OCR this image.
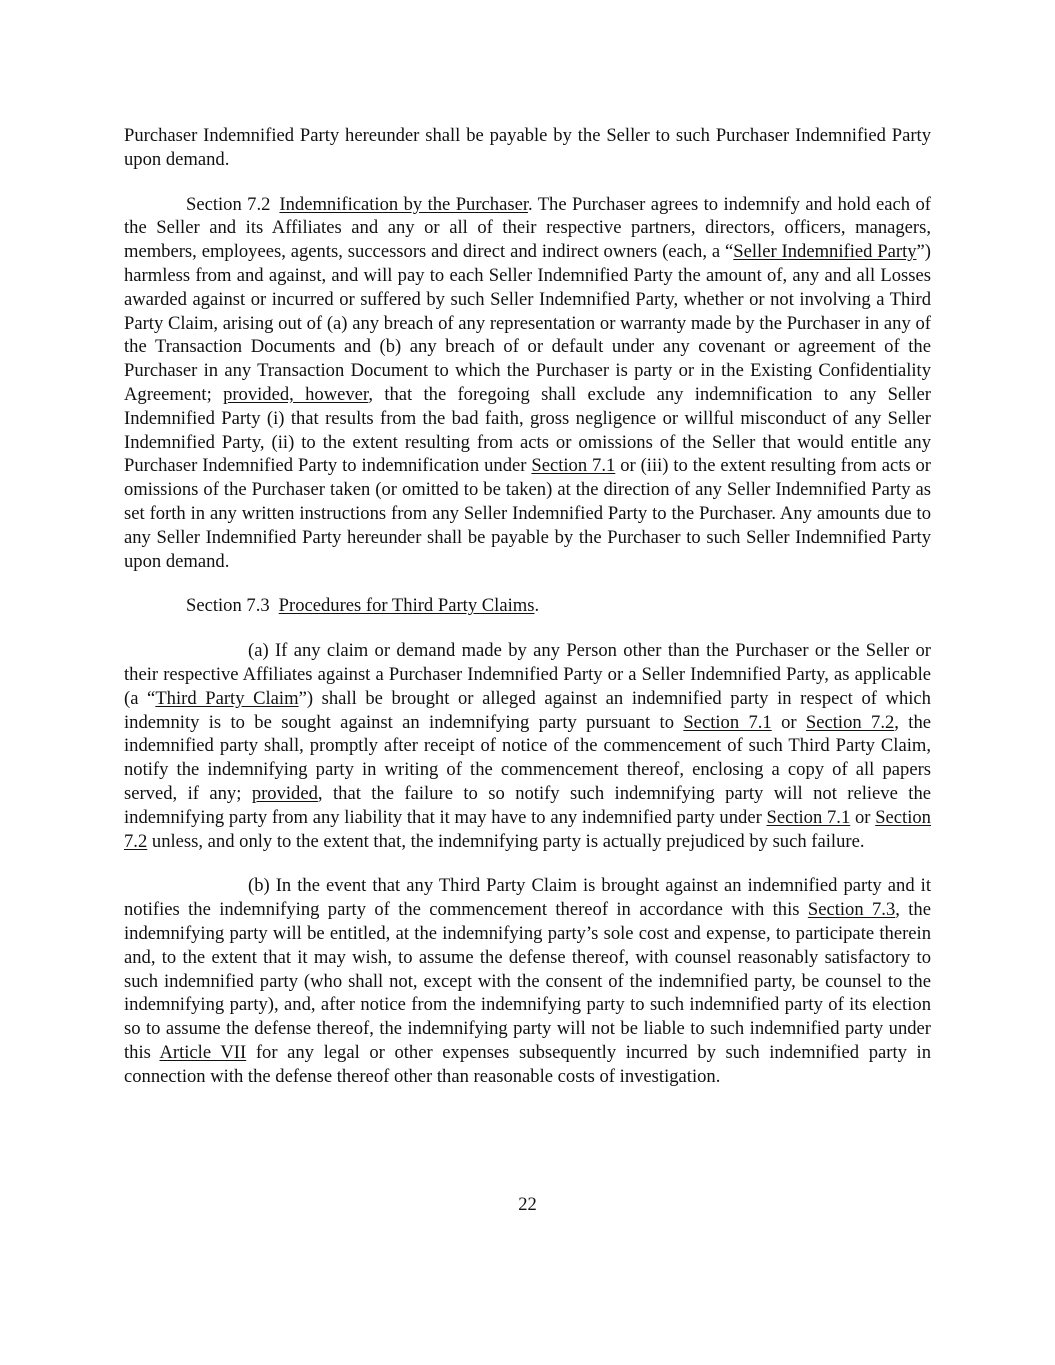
Purchaser Indemnified Party hereunder shall be payable by the Seller to such Purchaser Indemnified Party upon demand.

Section 7.2 Indemnification by the Purchaser. The Purchaser agrees to indemnify and hold each of the Seller and its Affiliates and any or all of their respective partners, directors, officers, managers, members, employees, agents, successors and direct and indirect owners (each, a “Seller Indemnified Party”) harmless from and against, and will pay to each Seller Indemnified Party the amount of, any and all Losses awarded against or incurred or suffered by such Seller Indemnified Party, whether or not involving a Third Party Claim, arising out of (a) any breach of any representation or warranty made by the Purchaser in any of the Transaction Documents and (b) any breach of or default under any covenant or agreement of the Purchaser in any Transaction Document to which the Purchaser is party or in the Existing Confidentiality Agreement; provided, however, that the foregoing shall exclude any indemnification to any Seller Indemnified Party (i) that results from the bad faith, gross negligence or willful misconduct of any Seller Indemnified Party, (ii) to the extent resulting from acts or omissions of the Seller that would entitle any Purchaser Indemnified Party to indemnification under Section 7.1 or (iii) to the extent resulting from acts or omissions of the Purchaser taken (or omitted to be taken) at the direction of any Seller Indemnified Party as set forth in any written instructions from any Seller Indemnified Party to the Purchaser. Any amounts due to any Seller Indemnified Party hereunder shall be payable by the Purchaser to such Seller Indemnified Party upon demand.

Section 7.3 Procedures for Third Party Claims.

(a) If any claim or demand made by any Person other than the Purchaser or the Seller or their respective Affiliates against a Purchaser Indemnified Party or a Seller Indemnified Party, as applicable (a “Third Party Claim”) shall be brought or alleged against an indemnified party in respect of which indemnity is to be sought against an indemnifying party pursuant to Section 7.1 or Section 7.2, the indemnified party shall, promptly after receipt of notice of the commencement of such Third Party Claim, notify the indemnifying party in writing of the commencement thereof, enclosing a copy of all papers served, if any; provided, that the failure to so notify such indemnifying party will not relieve the indemnifying party from any liability that it may have to any indemnified party under Section 7.1 or Section 7.2 unless, and only to the extent that, the indemnifying party is actually prejudiced by such failure.

(b) In the event that any Third Party Claim is brought against an indemnified party and it notifies the indemnifying party of the commencement thereof in accordance with this Section 7.3, the indemnifying party will be entitled, at the indemnifying party’s sole cost and expense, to participate therein and, to the extent that it may wish, to assume the defense thereof, with counsel reasonably satisfactory to such indemnified party (who shall not, except with the consent of the indemnified party, be counsel to the indemnifying party), and, after notice from the indemnifying party to such indemnified party of its election so to assume the defense thereof, the indemnifying party will not be liable to such indemnified party under this Article VII for any legal or other expenses subsequently incurred by such indemnified party in connection with the defense thereof other than reasonable costs of investigation.

22
